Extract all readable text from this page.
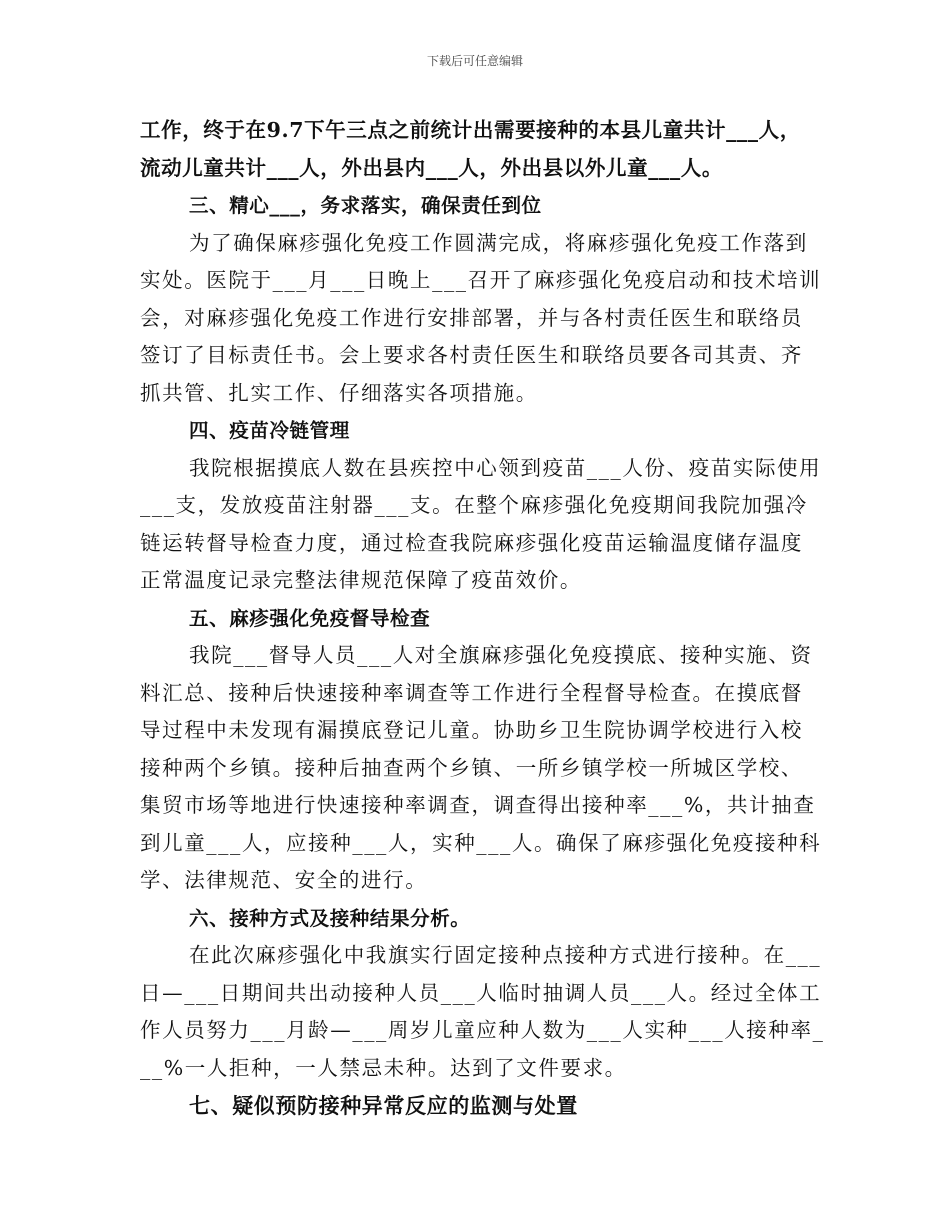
下载后可任意编辑
工作，终于在9.7下午三点之前统计出需要接种的本县儿童共计___人，
流动儿童共计___人，外出县内___人，外出县以外儿童___人。
三、精心___，务求落实，确保责任到位
为了确保麻疹强化免疫工作圆满完成，将麻疹强化免疫工作落到
实处。医院于___月___日晚上___召开了麻疹强化免疫启动和技术培训
会，对麻疹强化免疫工作进行安排部署，并与各村责任医生和联络员
签订了目标责任书。会上要求各村责任医生和联络员要各司其责、齐
抓共管、扎实工作、仔细落实各项措施。
四、疫苗冷链管理
我院根据摸底人数在县疾控中心领到疫苗___人份、疫苗实际使用
___支，发放疫苗注射器___支。在整个麻疹强化免疫期间我院加强冷
链运转督导检查力度，通过检查我院麻疹强化疫苗运输温度储存温度
正常温度记录完整法律规范保障了疫苗效价。
五、麻疹强化免疫督导检查
我院___督导人员___人对全旗麻疹强化免疫摸底、接种实施、资
料汇总、接种后快速接种率调查等工作进行全程督导检查。在摸底督
导过程中未发现有漏摸底登记儿童。协助乡卫生院协调学校进行入校
接种两个乡镇。接种后抽查两个乡镇、一所乡镇学校一所城区学校、
集贸市场等地进行快速接种率调查，调查得出接种率___%，共计抽查
到儿童___人，应接种___人，实种___人。确保了麻疹强化免疫接种科
学、法律规范、安全的进行。
六、接种方式及接种结果分析。
在此次麻疹强化中我旗实行固定接种点接种方式进行接种。在___
日—___日期间共出动接种人员___人临时抽调人员___人。经过全体工
作人员努力___月龄—___周岁儿童应种人数为___人实种___人接种率_
__%一人拒种，一人禁忌未种。达到了文件要求。
七、疑似预防接种异常反应的监测与处置
